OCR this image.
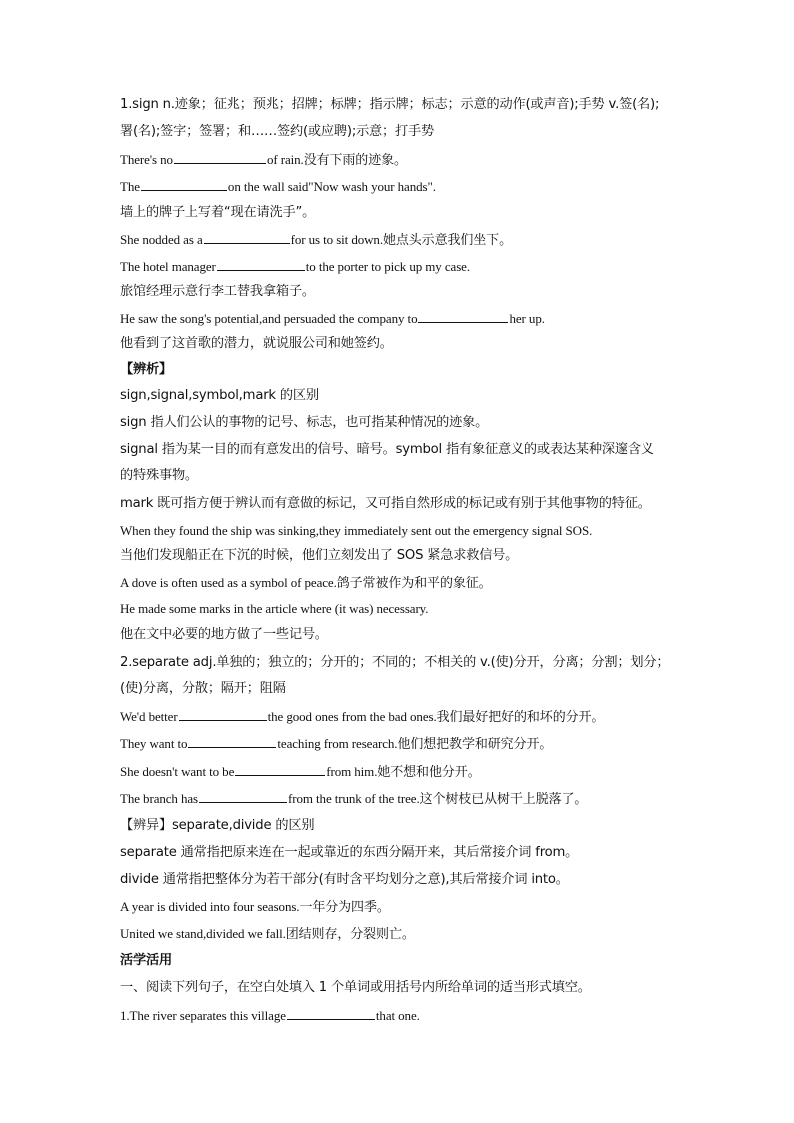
1.sign n.迹象；征兆；预兆；招牌；标牌；指示牌；标志；示意的动作(或声音);手势 v.签(名);
署(名);签字；签署；和……签约(或应聘);示意；打手势
There's no	of rain.没有下雨的迹象。
The	on the wall said"Now wash your hands".
墙上的牌子上写着“现在请洗手”。
She nodded as a	for us to sit down.她点头示意我们坐下。
The hotel manager	to the porter to pick up my case.
旅馆经理示意行李工替我拿箱子。
He saw the song's potential,and persuaded the company to	her up.
他看到了这首歌的潜力，就说服公司和她签约。
【辨析】
sign,signal,symbol,mark 的区别
sign 指人们公认的事物的记号、标志，也可指某种情况的迹象。
signal 指为某一目的而有意发出的信号、暗号。symbol 指有象征意义的或表达某种深邃含义
的特殊事物。
mark 既可指方便于辨认而有意做的标记，又可指自然形成的标记或有别于其他事物的特征。
When they found the ship was sinking,they immediately sent out the emergency signal SOS.
当他们发现船正在下沉的时候，他们立刻发出了 SOS 紧急求救信号。
A dove is often used as a symbol of peace.鸽子常被作为和平的象征。
He made some marks in the article where (it was) necessary.
他在文中必要的地方做了一些记号。
2.separate adj.单独的；独立的；分开的；不同的；不相关的 v.(使)分开，分离；分割；划分；
(使)分离，分散；隔开；阻隔
We'd better	the good ones from the bad ones.我们最好把好的和坏的分开。
They want to	teaching from research.他们想把教学和研究分开。
She doesn't want to be	from him.她不想和他分开。
The branch has	from the trunk of the tree.这个树枝已从树干上脱落了。
【辨异】separate,divide 的区别
separate 通常指把原来连在一起或靠近的东西分隔开来，其后常接介词 from。
divide 通常指把整体分为若干部分(有时含平均划分之意),其后常接介词 into。
A year is divided into four seasons.一年分为四季。
United we stand,divided we fall.团结则存，分裂则亡。
活学活用
一、阅读下列句子，在空白处填入 1 个单词或用括号内所给单词的适当形式填空。
1.The river separates this village	that one.
